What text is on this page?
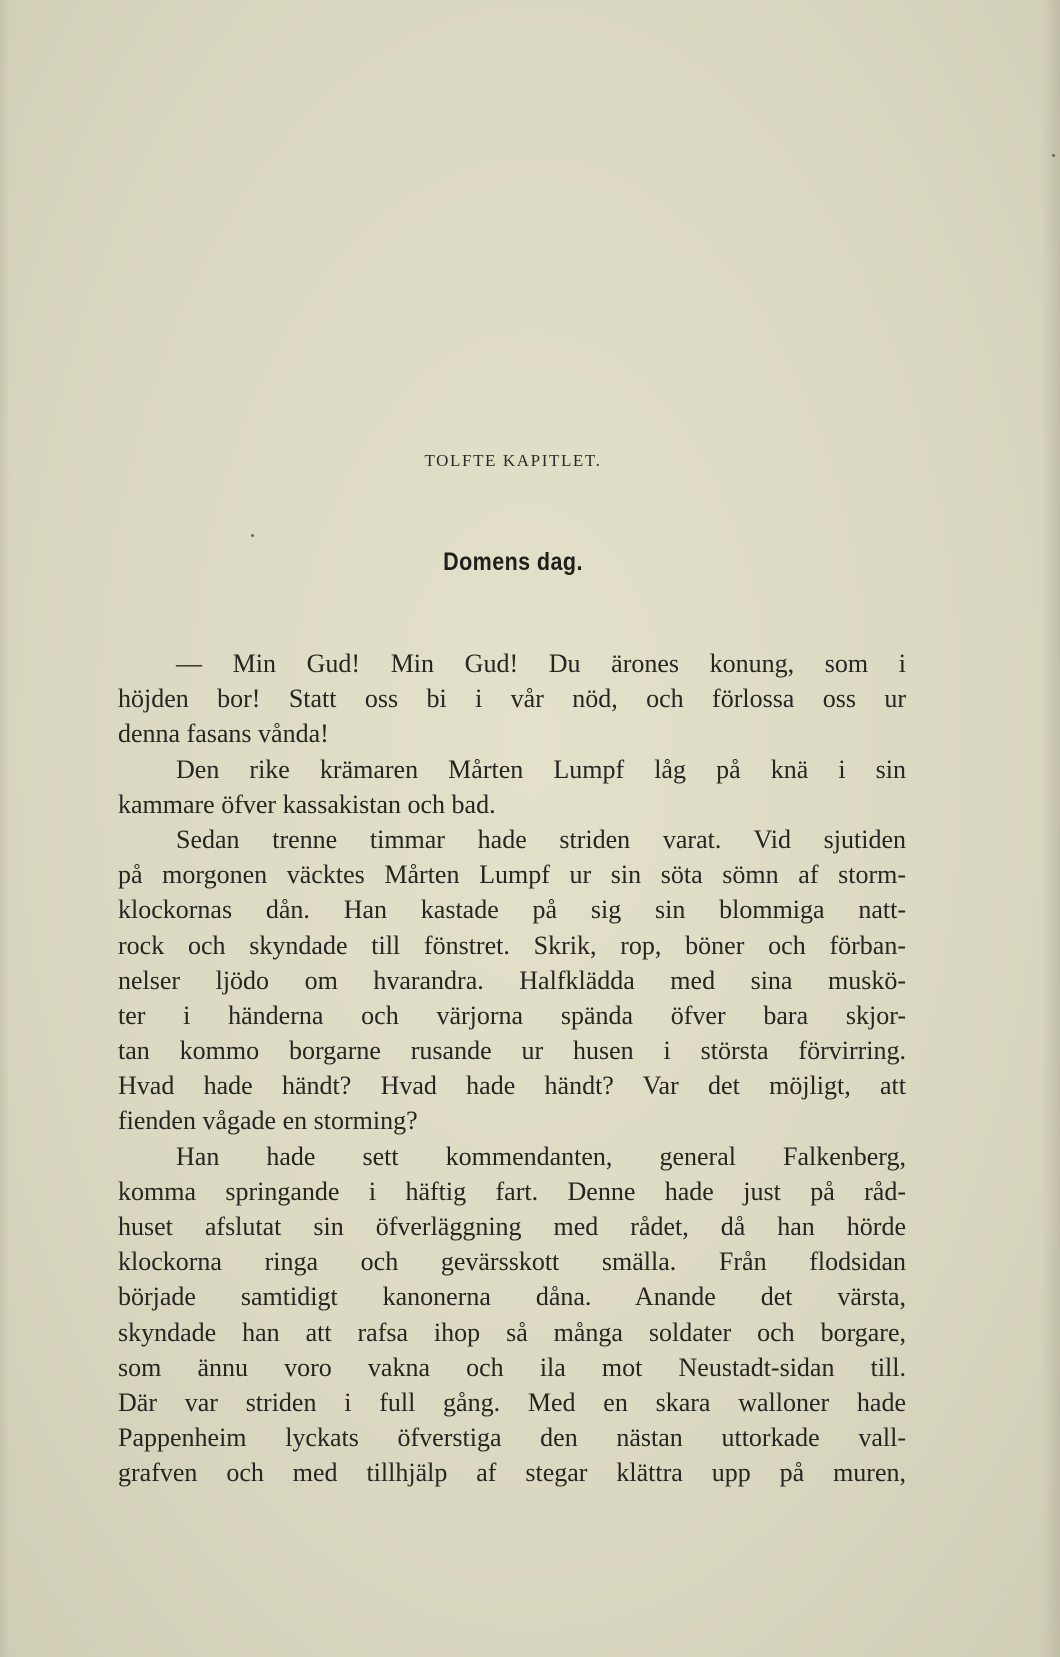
TOLFTE KAPITLET.
Domens dag.
— Min Gud! Min Gud! Du ärones konung, som i
höjden bor! Statt oss bi i vår nöd, och förlossa oss ur
denna fasans vånda!
Den rike krämaren Mårten Lumpf låg på knä i sin
kammare öfver kassakistan och bad.
Sedan trenne timmar hade striden varat. Vid sjutiden
på morgonen väcktes Mårten Lumpf ur sin söta sömn af storm-
klockornas dån. Han kastade på sig sin blommiga natt-
rock och skyndade till fönstret. Skrik, rop, böner och förban-
nelser ljödo om hvarandra. Halfklädda med sina muskö-
ter i händerna och värjorna spända öfver bara skjor-
tan kommo borgarne rusande ur husen i största förvirring.
Hvad hade händt? Hvad hade händt? Var det möjligt, att
fienden vågade en storming?
Han hade sett kommendanten, general Falkenberg,
komma springande i häftig fart. Denne hade just på råd-
huset afslutat sin öfverläggning med rådet, då han hörde
klockorna ringa och gevärsskott smälla. Från flodsidan
började samtidigt kanonerna dåna. Anande det värsta,
skyndade han att rafsa ihop så många soldater och borgare,
som ännu voro vakna och ila mot Neustadt-sidan till.
Där var striden i full gång. Med en skara walloner hade
Pappenheim lyckats öfverstiga den nästan uttorkade vall-
grafven och med tillhjälp af stegar klättra upp på muren,
